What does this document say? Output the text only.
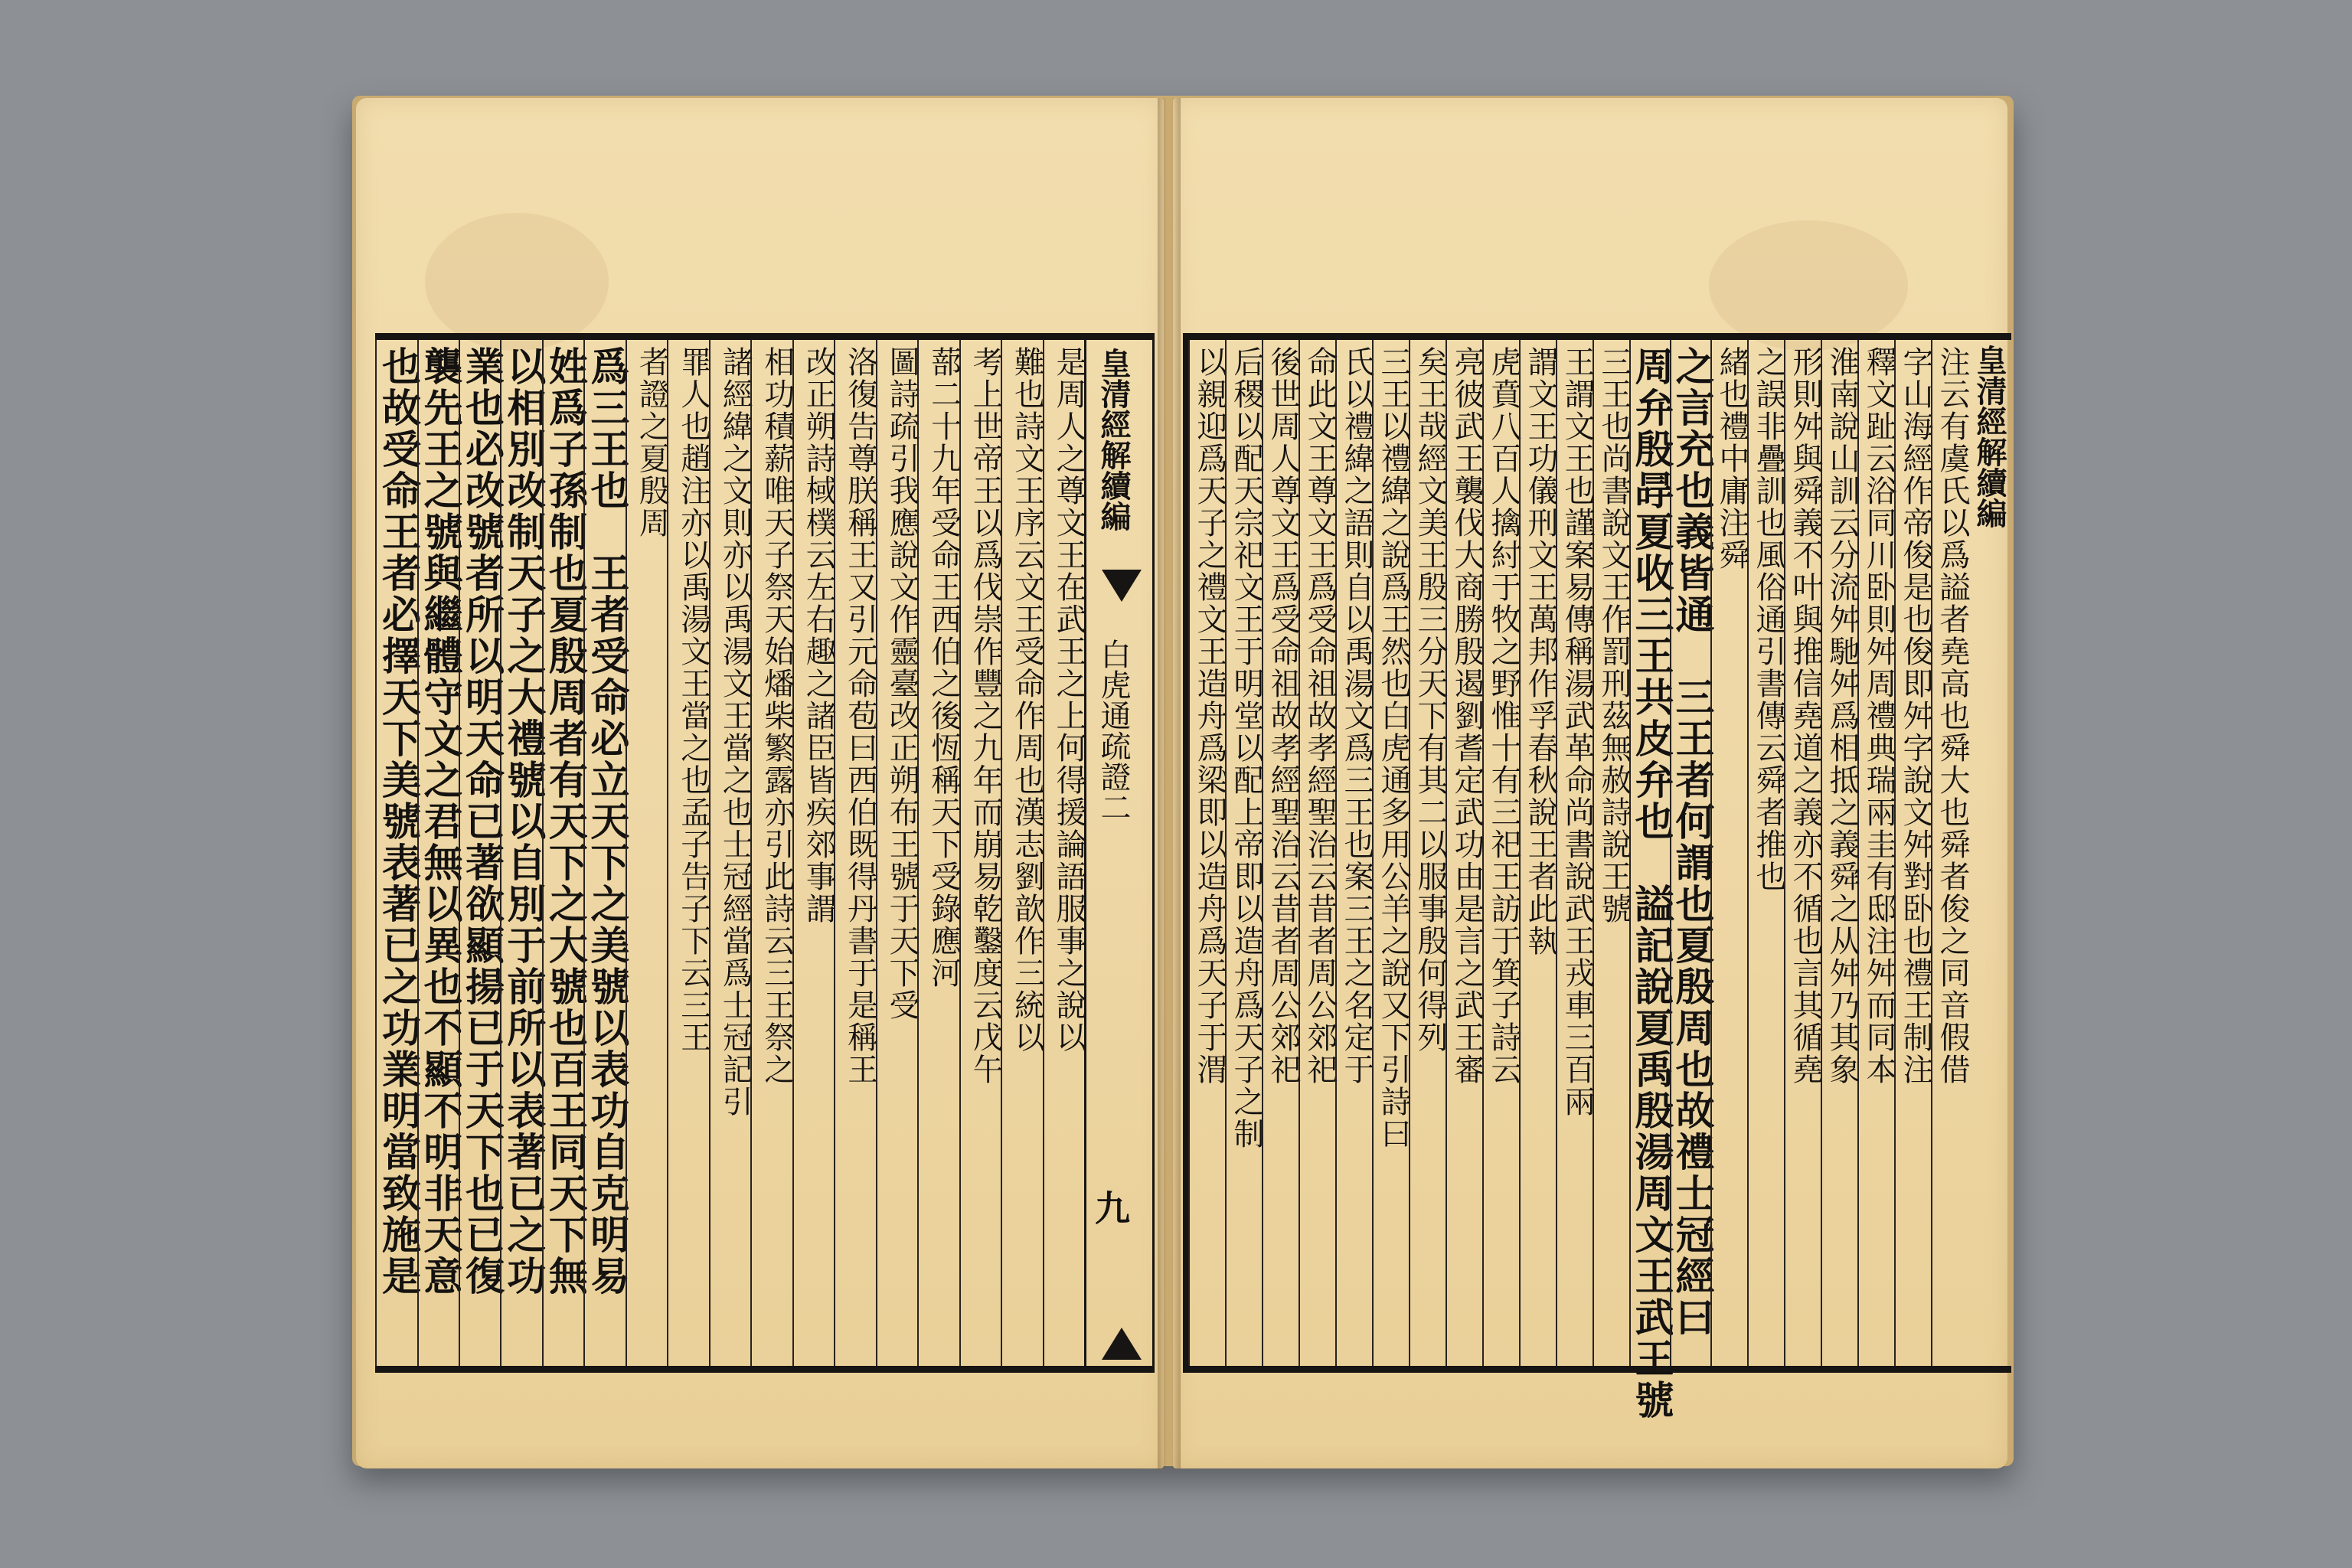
皇清經解續編
白虎通疏證二
九
是周人之尊文王在武王之上何得援論語服事之說以
難也詩文王序云文王受命作周也漢志劉歆作三統以
考上世帝王以爲伐崇作豐之九年而崩易乾鑿度云戊午
蔀二十九年受命王西伯之後恆稱天下受錄應河
圖詩疏引我應說文作靈臺改正朔布王號于天下受
洛復告尊朕稱王又引元命苞曰西伯既得丹書于是稱王
改正朔詩棫樸云左右趣之諸臣皆疾郊事謂
相功積薪唯天子祭天始燔柴繁露亦引此詩云三王祭之
諸經緯之文則亦以禹湯文王當之也士冠經當爲士冠記引
罪人也趙注亦以禹湯文王當之也孟子告子下云三王
者證之夏殷周
爲三王也　王者受命必立天下之美號以表功自克明易
姓爲子孫制也夏殷周者有天下之大號也百王同天下無
以相別改制天子之大禮號以自別于前所以表著已之功
業也必改號者所以明天命已著欲顯揚已于天下也已復
襲先王之號與繼體守文之君無以異也不顯不明非天意
也故受命王者必擇天下美號表著已之功業明當致施是	皇清經解續編
注云有虞氏以爲謚者堯高也舜大也舜者俊之同音假借
字山海經作帝俊是也俊即舛字說文舛對卧也禮王制注
釋文趾云浴同川卧則舛周禮典瑞兩圭有邸注舛而同本
淮南說山訓云分流舛馳舛爲相抵之義舜之从舛乃其象
形則舛與舜義不叶與推信堯道之義亦不循也言其循堯
之誤非疊訓也風俗通引書傳云舜者推也
緒也禮中庸注舜
之言充也義皆通　三王者何謂也夏殷周也故禮士冠經曰
周弁殷冔夏收三王共皮弁也　謚記說夏禹殷湯周文王武王號
三王也尚書說文王作罰刑茲無赦詩說王號
王謂文王也謹案易傳稱湯武革命尚書說武王戎車三百兩
謂文王功儀刑文王萬邦作孚春秋說王者此執
虎賁八百人擒紂于牧之野惟十有三祀王訪于箕子詩云
亮彼武王襲伐大商勝殷遏劉耆定武功由是言之武王審
矣王哉經文美王殷三分天下有其二以服事殷何得列
三王以禮緯之說爲王然也白虎通多用公羊之說又下引詩曰
氏以禮緯之語則自以禹湯文爲三王也案三王之名定于
命此文王尊文王爲受命祖故孝經聖治云昔者周公郊祀
後世周人尊文王爲受命祖故孝經聖治云昔者周公郊祀
后稷以配天宗祀文王于明堂以配上帝即以造舟爲天子之制
以親迎爲天子之禮文王造舟爲梁即以造舟爲天子于渭
